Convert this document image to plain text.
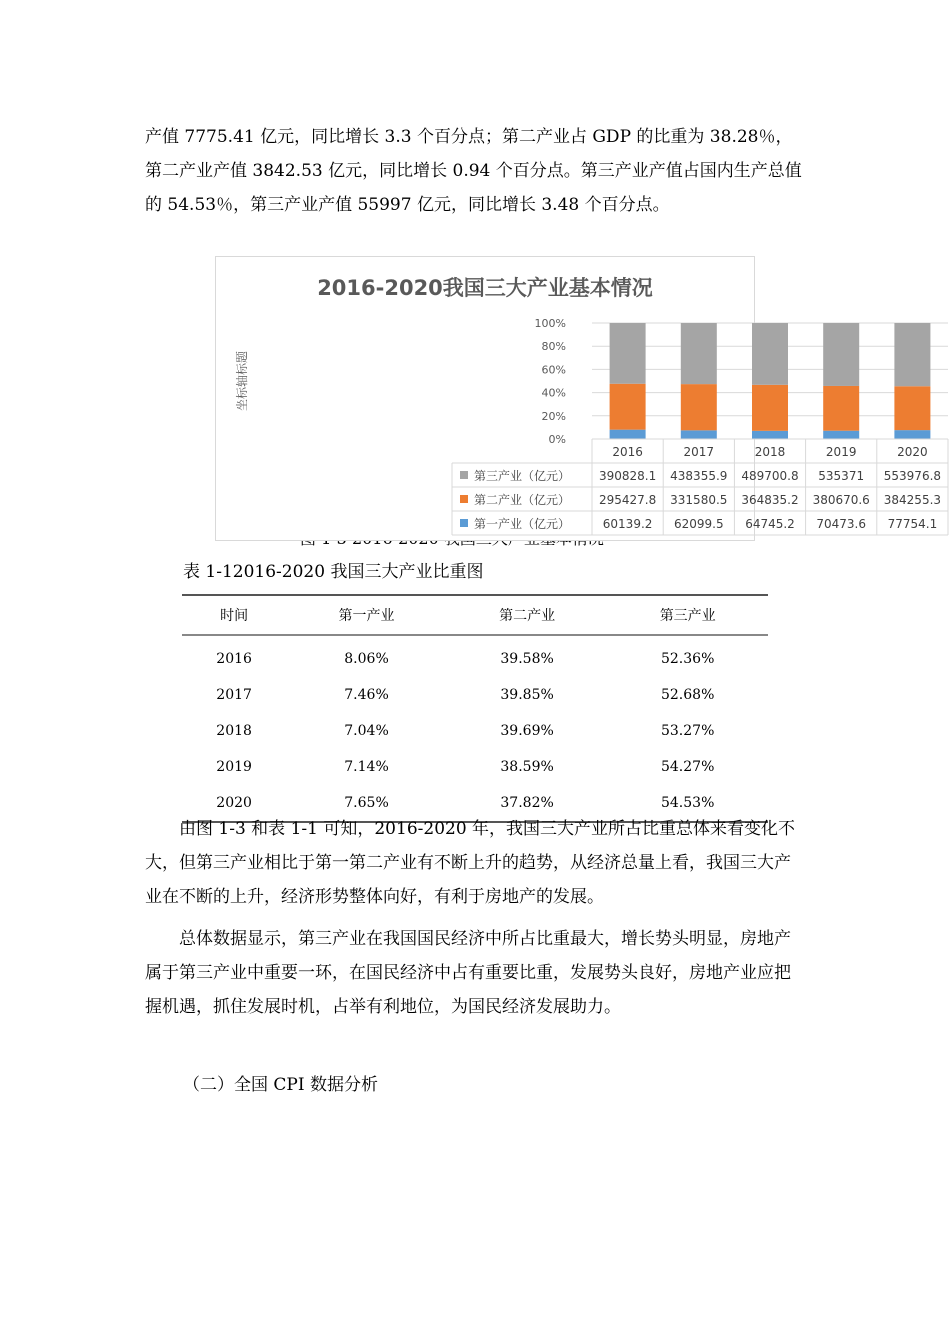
产值 7775.41 亿元，同比增长 3.3 个百分点；第二产业占 GDP 的比重为 38.28％，第二产业产值 3842.53 亿元，同比增长 0.94 个百分点。第三产业产值占国内生产总值的 54.53％，第三产业产值 55997 亿元，同比增长 3.48 个百分点。

2016-2020我国三大产业基本情况
坐标轴标题
0%
20%
40%
60%
80%
100%
2016	2017	2018	2019	2020
第三产业（亿元） 390828.1 438355.9 489700.8 535371 553976.8
第二产业（亿元） 295427.8 331580.5 364835.2 380670.6 384255.3
第一产业（亿元）	60139.2 62099.5 64745.2 70473.6 77754.1
表 1-12016-2020 我国三大产业比重图
时间	第一产业	第二产业	第三产业
2016	8.06%	39.58%	52.36%
2017	7.46%	39.85%	52.68%
2018	7.04%	39.69%	53.27%
2019	7.14%	38.59%	54.27%
2020	7.65%	37.82%	54.53%

由图 1-3 和表 1-1 可知，2016-2020 年，我国三大产业所占比重总体来看变化不大，但第三产业相比于第一第二产业有不断上升的趋势，从经济总量上看，我国三大产业在不断的上升，经济形势整体向好，有利于房地产的发展。

总体数据显示，第三产业在我国国民经济中所占比重最大，增长势头明显，房地产属于第三产业中重要一环，在国民经济中占有重要比重，发展势头良好，房地产业应把握机遇，抓住发展时机，占举有利地位，为国民经济发展助力。

（二）全国 CPI 数据分析
